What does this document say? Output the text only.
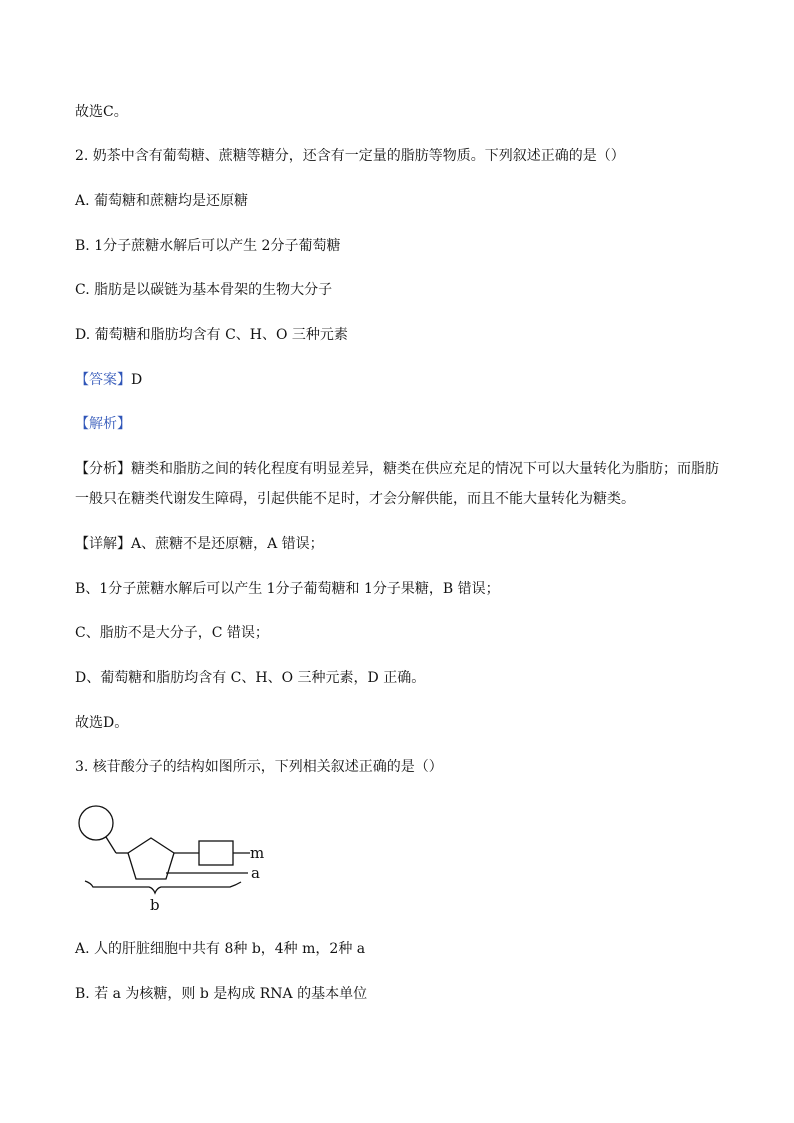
故选C。
2. 奶茶中含有葡萄糖、蔗糖等糖分，还含有一定量的脂肪等物质。下列叙述正确的是（）
A. 葡萄糖和蔗糖均是还原糖
B. 1分子蔗糖水解后可以产生 2分子葡萄糖
C. 脂肪是以碳链为基本骨架的生物大分子
D. 葡萄糖和脂肪均含有 C、H、O 三种元素
【答案】D
【解析】
【分析】糖类和脂肪之间的转化程度有明显差异，糖类在供应充足的情况下可以大量转化为脂肪；而脂肪
一般只在糖类代谢发生障碍，引起供能不足时，才会分解供能，而且不能大量转化为糖类。
【详解】A、蔗糖不是还原糖，A 错误；
B、1分子蔗糖水解后可以产生 1分子葡萄糖和 1分子果糖，B 错误；
C、脂肪不是大分子，C 错误；
D、葡萄糖和脂肪均含有 C、H、O 三种元素，D 正确。
故选D。
3. 核苷酸分子的结构如图所示，下列相关叙述正确的是（）
m
a
b
A. 人的肝脏细胞中共有 8种 b，4种 m，2种 a
B. 若 a 为核糖，则 b 是构成 RNA 的基本单位
